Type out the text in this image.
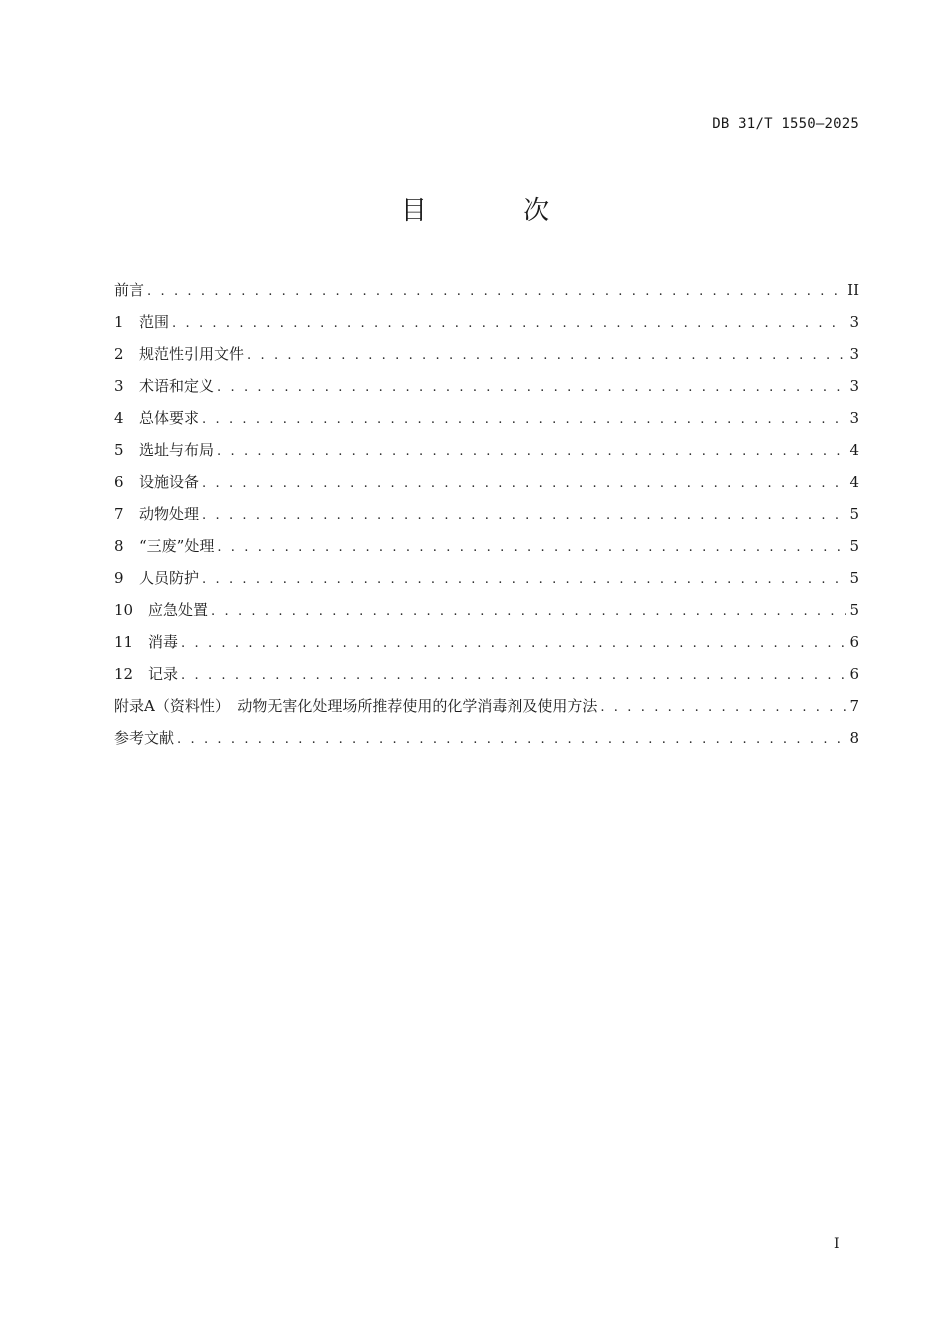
DB 31/T 1550—2025
目 次
前言 . . .	II
1	范围 . . .	3
2	规范性引用文件 . . .	3
3	术语和定义 . . .	3
4	总体要求 . . .	3
5	选址与布局 . . .	4
6	设施设备 . . .	4
7	动物处理 . . .	5
8	“三废”处理 . . .	5
9	人员防护 . . .	5
10 应急处置 . . .	5
11 消毒 . . .	6
12 记录 . . .	6
附录A（资料性）　动物无害化处理场所推荐使用的化学消毒剂及使用方法 . . .	7
参考文献 . . .	8
I
